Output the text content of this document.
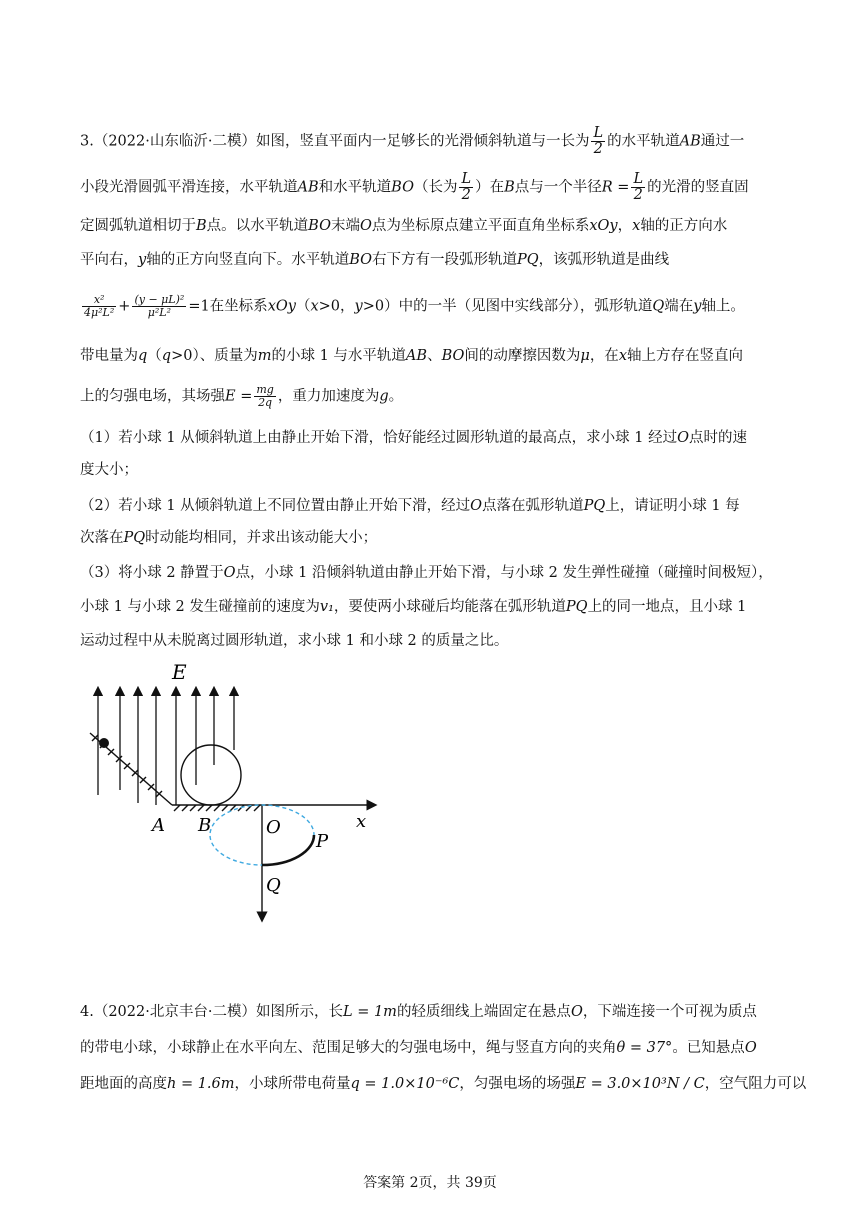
3.（2022·山东临沂·二模）如图，竖直平面内一足够长的光滑倾斜轨道与一长为 $\frac{L}{2}$ 的水平轨道AB通过一
小段光滑圆弧平滑连接，水平轨道AB和水平轨道BO（长为 $\frac{L}{2}$ ）在B点与一个半径$R = \frac{L}{2}$ 的光滑的竖直固
定圆弧轨道相切于B点。以水平轨道BO末端O点为坐标原点建立平面直角坐标系xOy，x轴的正方向水
平向右，y轴的正方向竖直向下。水平轨道BO右下方有一段弧形轨道PQ，该弧形轨道是曲线
$\frac{\text{x²}}{\text{4μ²L²}} + \frac{\text{(y − μL)²}}{\text{μ²L²}} =1$在坐标系xOy（x>0，y>0）中的一半（见图中实线部分），弧形轨道Q端在y轴上。
带电量为q（q>0）、质量为m的小球 1 与水平轨道AB、BO间的动摩擦因数为μ，在x轴上方存在竖直向
上的匀强电场，其场强$E = \frac{mg}{2q}$ ，重力加速度为g。
（1）若小球 1 从倾斜轨道上由静止开始下滑，恰好能经过圆形轨道的最高点，求小球 1 经过O点时的速
度大小；
（2）若小球 1 从倾斜轨道上不同位置由静止开始下滑，经过O点落在弧形轨道PQ上，请证明小球 1 每
次落在PQ时动能均相同，并求出该动能大小；
（3）将小球 2 静置于O点，小球 1 沿倾斜轨道由静止开始下滑，与小球 2 发生弹性碰撞（碰撞时间极短），
小球 1 与小球 2 发生碰撞前的速度为v₁，要使两小球碰后均能落在弧形轨道PQ上的同一地点，且小球 1
运动过程中从未脱离过圆形轨道，求小球 1 和小球 2 的质量之比。
E
x
A B	O
P
Q
4.（2022·北京丰台·二模）如图所示，长L = 1m的轻质细线上端固定在悬点O，下端连接一个可视为质点
的带电小球，小球静止在水平向左、范围足够大的匀强电场中，绳与竖直方向的夹角θ = 37°。已知悬点O
距地面的高度h = 1.6m，小球所带电荷量q = 1.0×10⁻⁶C，匀强电场的场强E = 3.0×10³N / C，空气阻力可以
答案第 2页，共 39页
